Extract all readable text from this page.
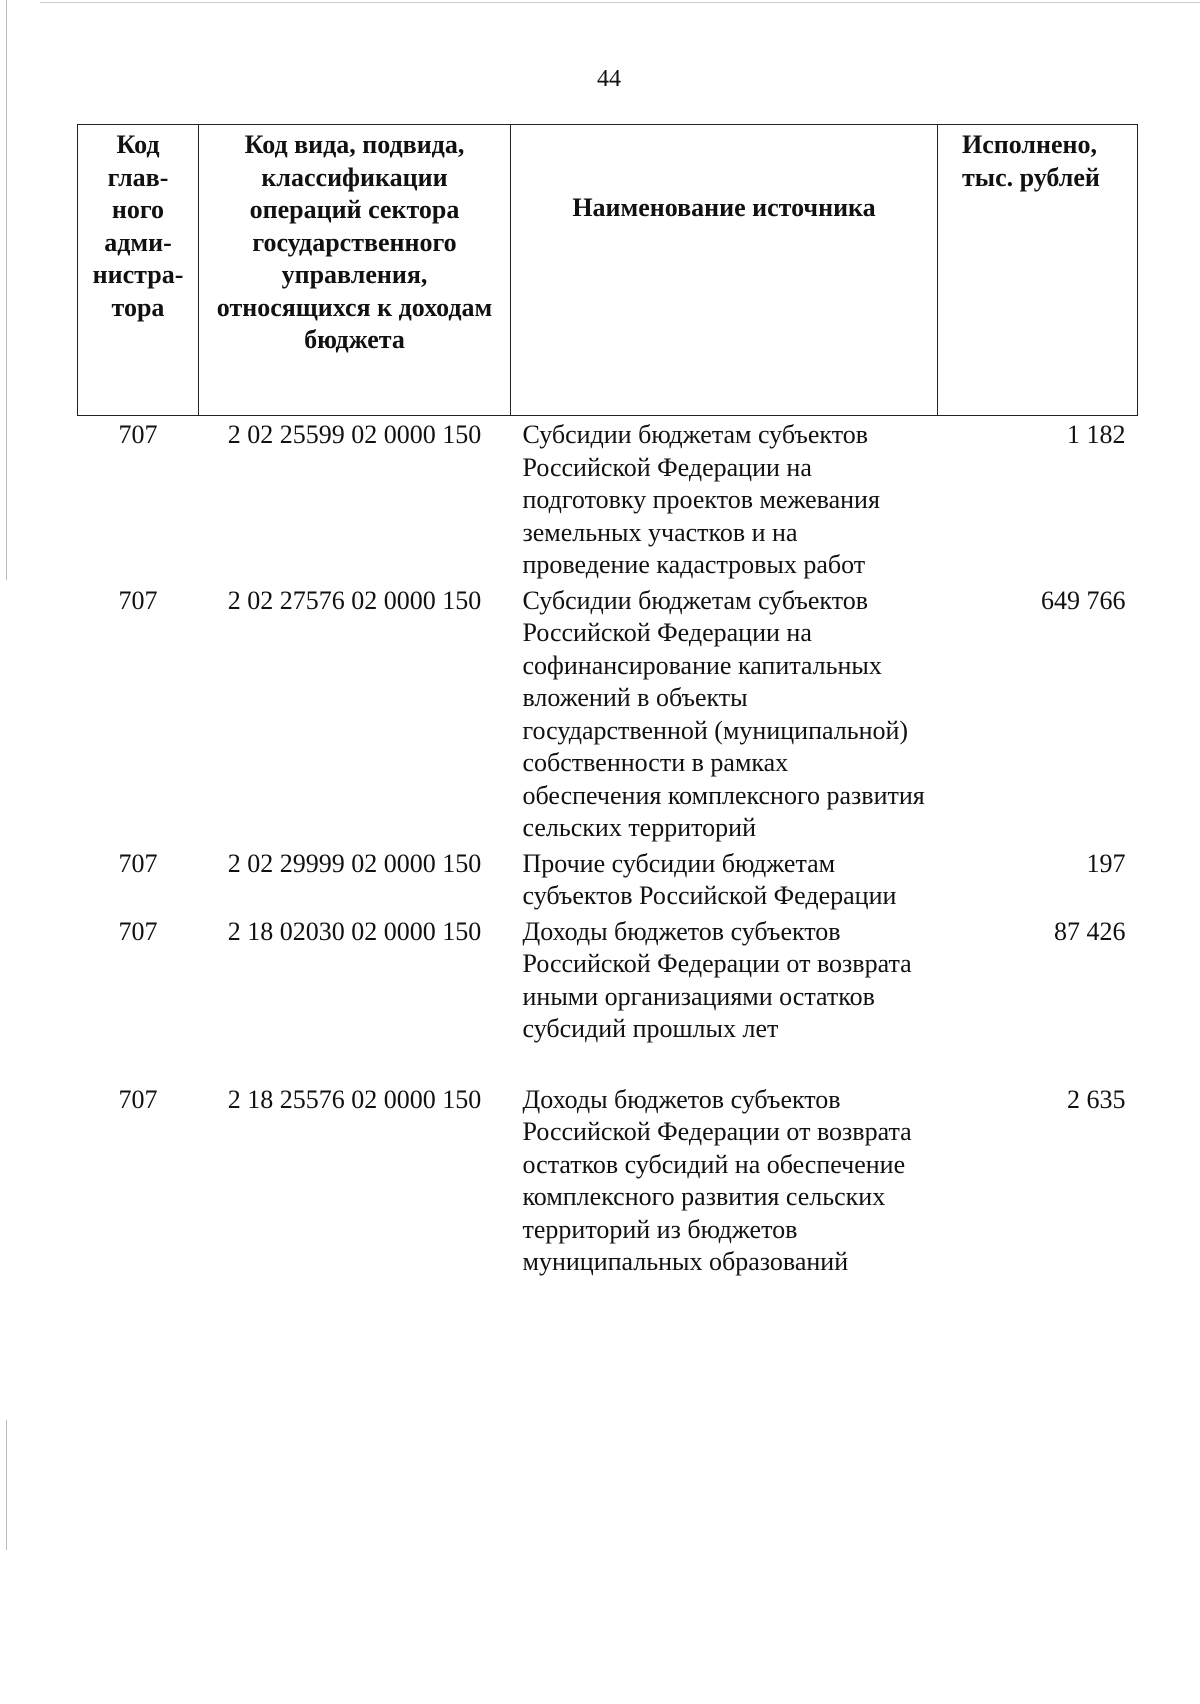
44
Код глав-ного адми-нистра-тора	Код вида, подвида, классификации операций сектора государственного управления, относящихся к доходам бюджета	Наименование источника	Исполнено, тыс. рублей
707	2 02 25599 02 0000 150	Субсидии бюджетам субъектов Российской Федерации на подготовку проектов межевания земельных участков и на проведение кадастровых работ	1 182
707	2 02 27576 02 0000 150	Субсидии бюджетам субъектов Российской Федерации на софинансирование капитальных вложений в объекты государственной (муниципальной) собственности в рамках обеспечения комплексного развития сельских территорий	649 766
707	2 02 29999 02 0000 150	Прочие субсидии бюджетам субъектов Российской Федерации	197
707	2 18 02030 02 0000 150	Доходы бюджетов субъектов Российской Федерации от возврата иными организациями остатков субсидий прошлых лет	87 426
707	2 18 25576 02 0000 150	Доходы бюджетов субъектов Российской Федерации от возврата остатков субсидий на обеспечение комплексного развития сельских территорий из бюджетов муниципальных образований	2 635
